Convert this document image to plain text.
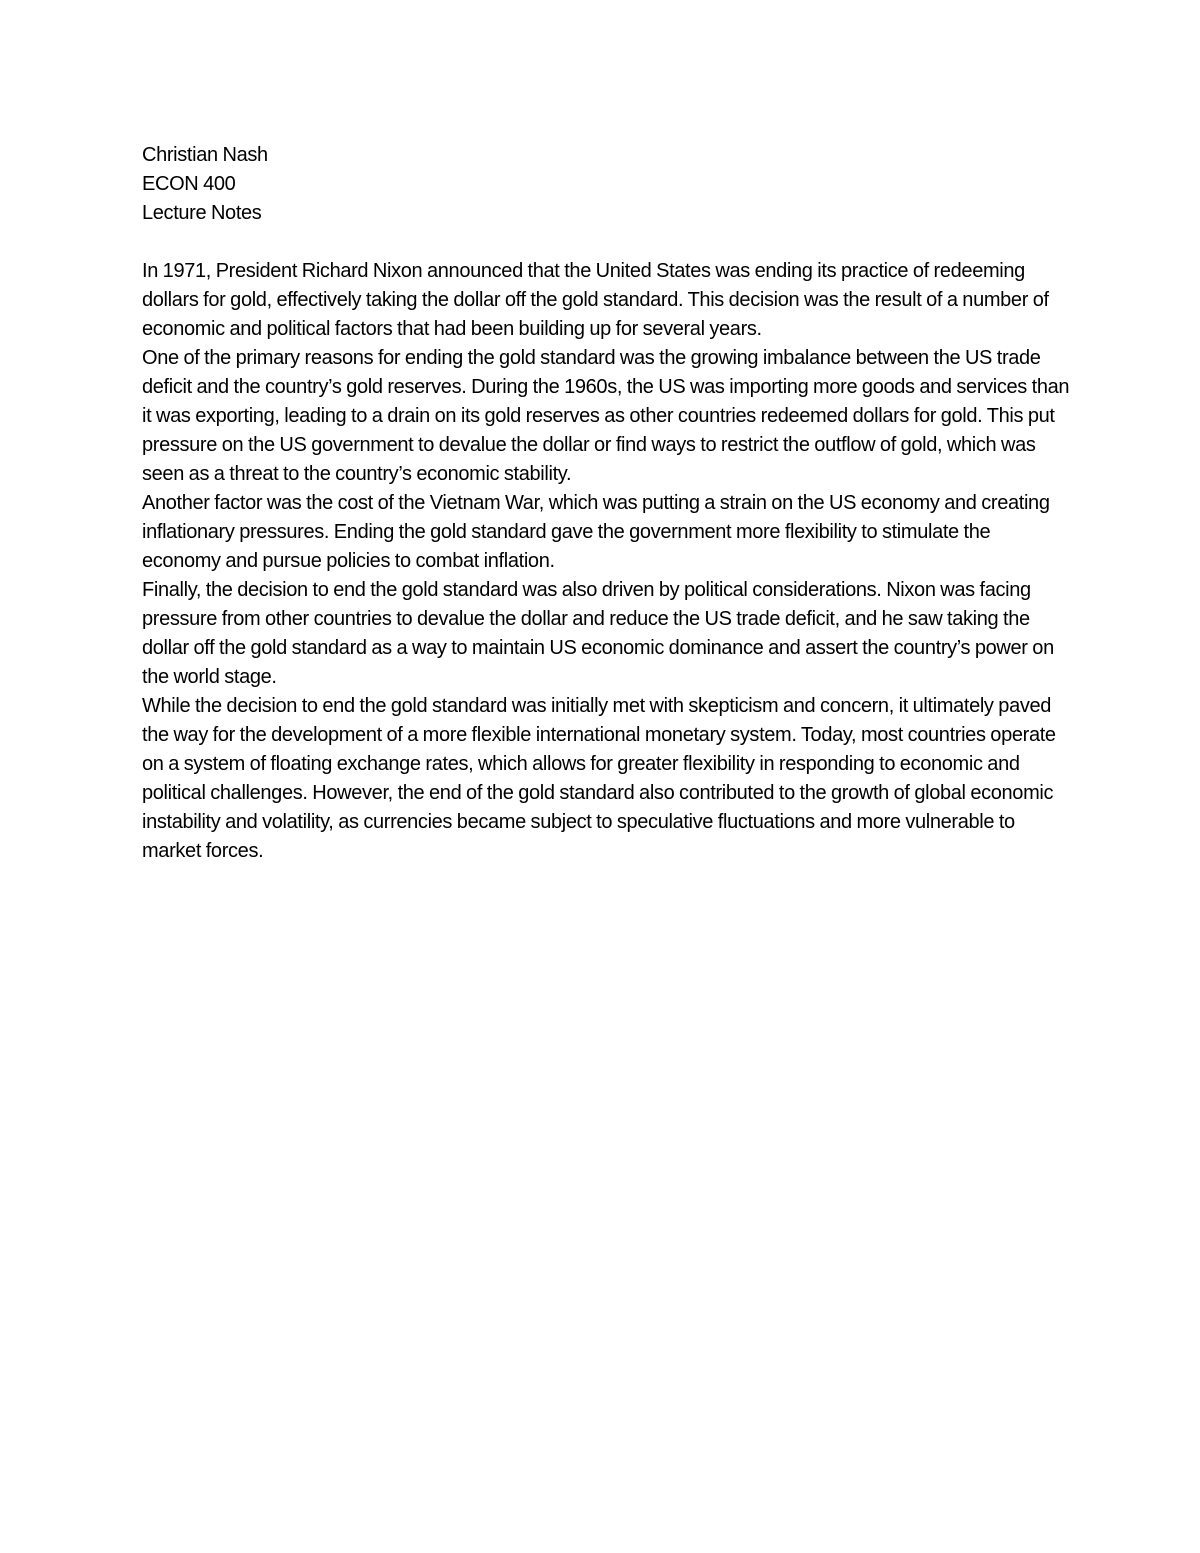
Christian Nash
ECON 400
Lecture Notes

In 1971, President Richard Nixon announced that the United States was ending its practice of redeeming dollars for gold, effectively taking the dollar off the gold standard. This decision was the result of a number of economic and political factors that had been building up for several years.

One of the primary reasons for ending the gold standard was the growing imbalance between the US trade deficit and the country’s gold reserves. During the 1960s, the US was importing more goods and services than it was exporting, leading to a drain on its gold reserves as other countries redeemed dollars for gold. This put pressure on the US government to devalue the dollar or find ways to restrict the outflow of gold, which was seen as a threat to the country’s economic stability.

Another factor was the cost of the Vietnam War, which was putting a strain on the US economy and creating inflationary pressures. Ending the gold standard gave the government more flexibility to stimulate the economy and pursue policies to combat inflation.

Finally, the decision to end the gold standard was also driven by political considerations. Nixon was facing pressure from other countries to devalue the dollar and reduce the US trade deficit, and he saw taking the dollar off the gold standard as a way to maintain US economic dominance and assert the country’s power on the world stage.

While the decision to end the gold standard was initially met with skepticism and concern, it ultimately paved the way for the development of a more flexible international monetary system. Today, most countries operate on a system of floating exchange rates, which allows for greater flexibility in responding to economic and political challenges. However, the end of the gold standard also contributed to the growth of global economic instability and volatility, as currencies became subject to speculative fluctuations and more vulnerable to market forces.
